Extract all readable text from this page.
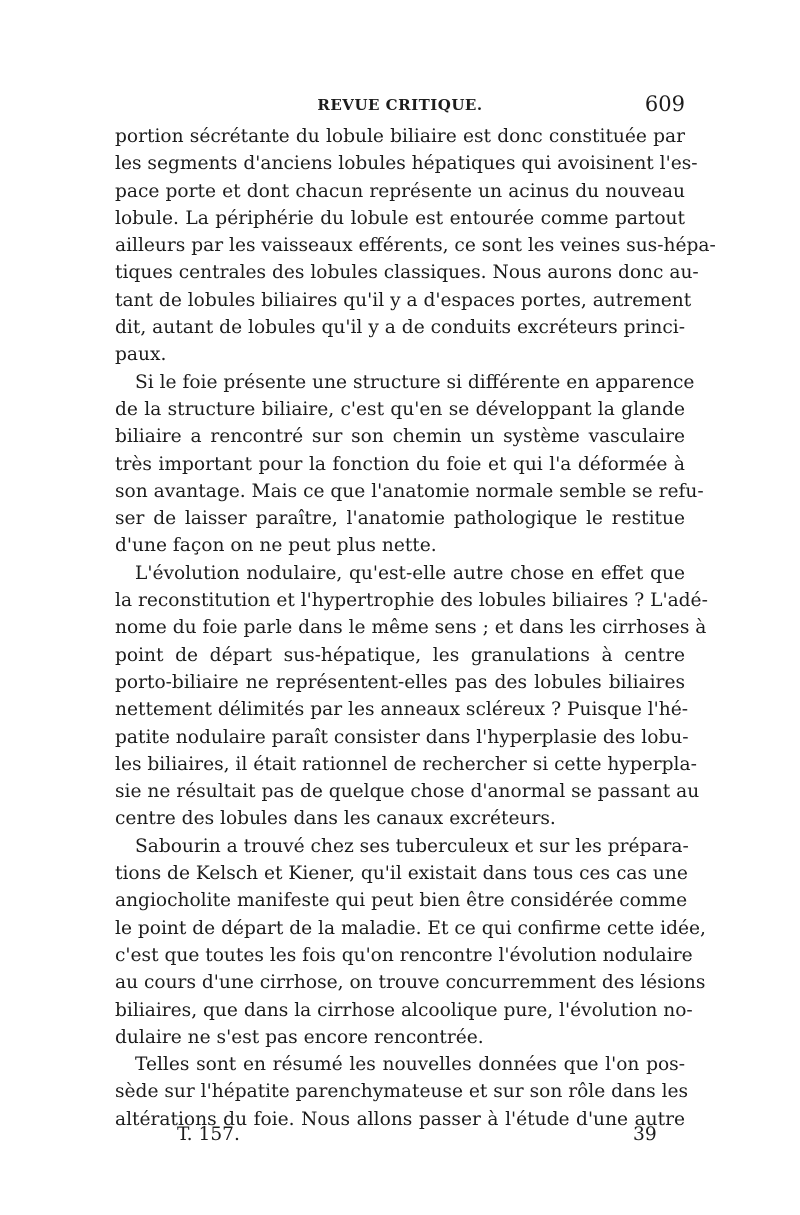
REVUE CRITIQUE.	609
portion sécrétante du lobule biliaire est donc constituée par
les segments d'anciens lobules hépatiques qui avoisinent l'es-
pace porte et dont chacun représente un acinus du nouveau
lobule. La périphérie du lobule est entourée comme partout
ailleurs par les vaisseaux efférents, ce sont les veines sus-hépa-
tiques centrales des lobules classiques. Nous aurons donc au-
tant de lobules biliaires qu'il y a d'espaces portes, autrement
dit, autant de lobules qu'il y a de conduits excréteurs princi-
paux.
Si le foie présente une structure si différente en apparence
de la structure biliaire, c'est qu'en se développant la glande
biliaire a rencontré sur son chemin un système vasculaire
très important pour la fonction du foie et qui l'a déformée à
son avantage. Mais ce que l'anatomie normale semble se refu-
ser de laisser paraître, l'anatomie pathologique le restitue
d'une façon on ne peut plus nette.
L'évolution nodulaire, qu'est-elle autre chose en effet que
la reconstitution et l'hypertrophie des lobules biliaires ? L'adé-
nome du foie parle dans le même sens ; et dans les cirrhoses à
point de départ sus-hépatique, les granulations à centre
porto-biliaire ne représentent-elles pas des lobules biliaires
nettement délimités par les anneaux scléreux ? Puisque l'hé-
patite nodulaire paraît consister dans l'hyperplasie des lobu-
les biliaires, il était rationnel de rechercher si cette hyperpla-
sie ne résultait pas de quelque chose d'anormal se passant au
centre des lobules dans les canaux excréteurs.
Sabourin a trouvé chez ses tuberculeux et sur les prépara-
tions de Kelsch et Kiener, qu'il existait dans tous ces cas une
angiocholite manifeste qui peut bien être considérée comme
le point de départ de la maladie. Et ce qui confirme cette idée,
c'est que toutes les fois qu'on rencontre l'évolution nodulaire
au cours d'une cirrhose, on trouve concurremment des lésions
biliaires, que dans la cirrhose alcoolique pure, l'évolution no-
dulaire ne s'est pas encore rencontrée.
Telles sont en résumé les nouvelles données que l'on pos-
sède sur l'hépatite parenchymateuse et sur son rôle dans les
altérations du foie. Nous allons passer à l'étude d'une autre
T. 157.	39
